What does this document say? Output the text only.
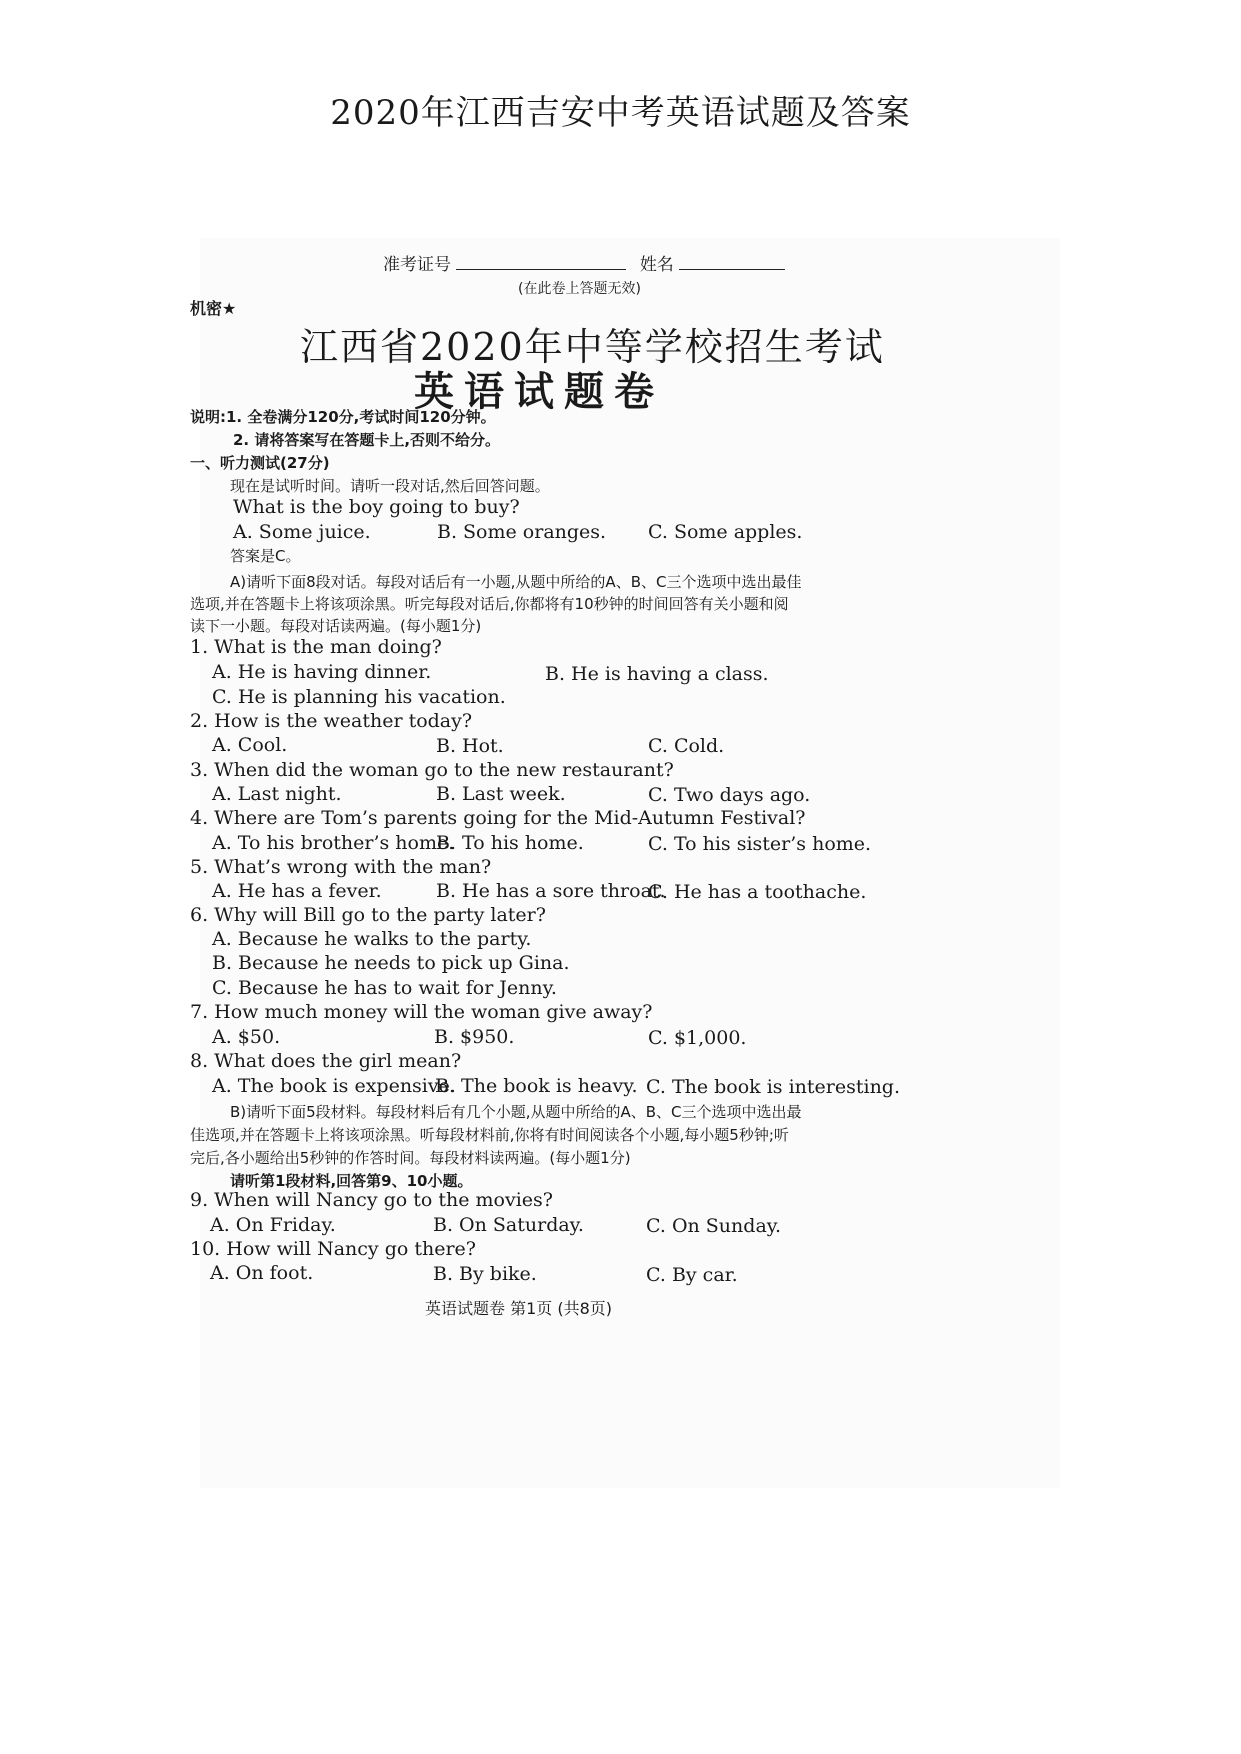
2020年江西吉安中考英语试题及答案
准考证号	姓名
(在此卷上答题无效)
机密★
江西省2020年中等学校招生考试
英语试题卷
说明:1. 全卷满分120分,考试时间120分钟。
2. 请将答案写在答题卡上,否则不给分。
一、听力测试(27分)
现在是试听时间。请听一段对话,然后回答问题。
What is the boy going to buy?
A. Some juice.	B. Some oranges. C. Some apples.
答案是C。
A)请听下面8段对话。每段对话后有一小题,从题中所给的A、B、C三个选项中选出最佳
选项,并在答题卡上将该项涂黑。听完每段对话后,你都将有10秒钟的时间回答有关小题和阅
读下一小题。每段对话读两遍。(每小题1分)
1. What is the man doing?
A. He is having dinner.	B. He is having a class.
C. He is planning his vacation.
2. How is the weather today?
A. Cool.	B. Hot.	C. Cold.
3. When did the woman go to the new restaurant?
A. Last night.	B. Last week.	C. Two days ago.
4. Where are Tom’s parents going for the Mid-Autumn Festival?
A. To his brother’s home.
B. To his home.	C. To his sister’s home.
5. What’s wrong with the man?
A. He has a fever.	B. He has a sore throat.
C. He has a toothache.
6. Why will Bill go to the party later?
A. Because he walks to the party.
B. Because he needs to pick up Gina.
C. Because he has to wait for Jenny.
7. How much money will the woman give away?
A. $50.	B. $950.	C. $1,000.
8. What does the girl mean?
A. The book is expensive.
B. The book is heavy. C. The book is interesting.
B)请听下面5段材料。每段材料后有几个小题,从题中所给的A、B、C三个选项中选出最
佳选项,并在答题卡上将该项涂黑。听每段材料前,你将有时间阅读各个小题,每小题5秒钟;听
完后,各小题给出5秒钟的作答时间。每段材料读两遍。(每小题1分)
请听第1段材料,回答第9、10小题。
9. When will Nancy go to the movies?
A. On Friday.	B. On Saturday.	C. On Sunday.
10. How will Nancy go there?
A. On foot.	B. By bike.	C. By car.
英语试题卷 第1页 (共8页)
